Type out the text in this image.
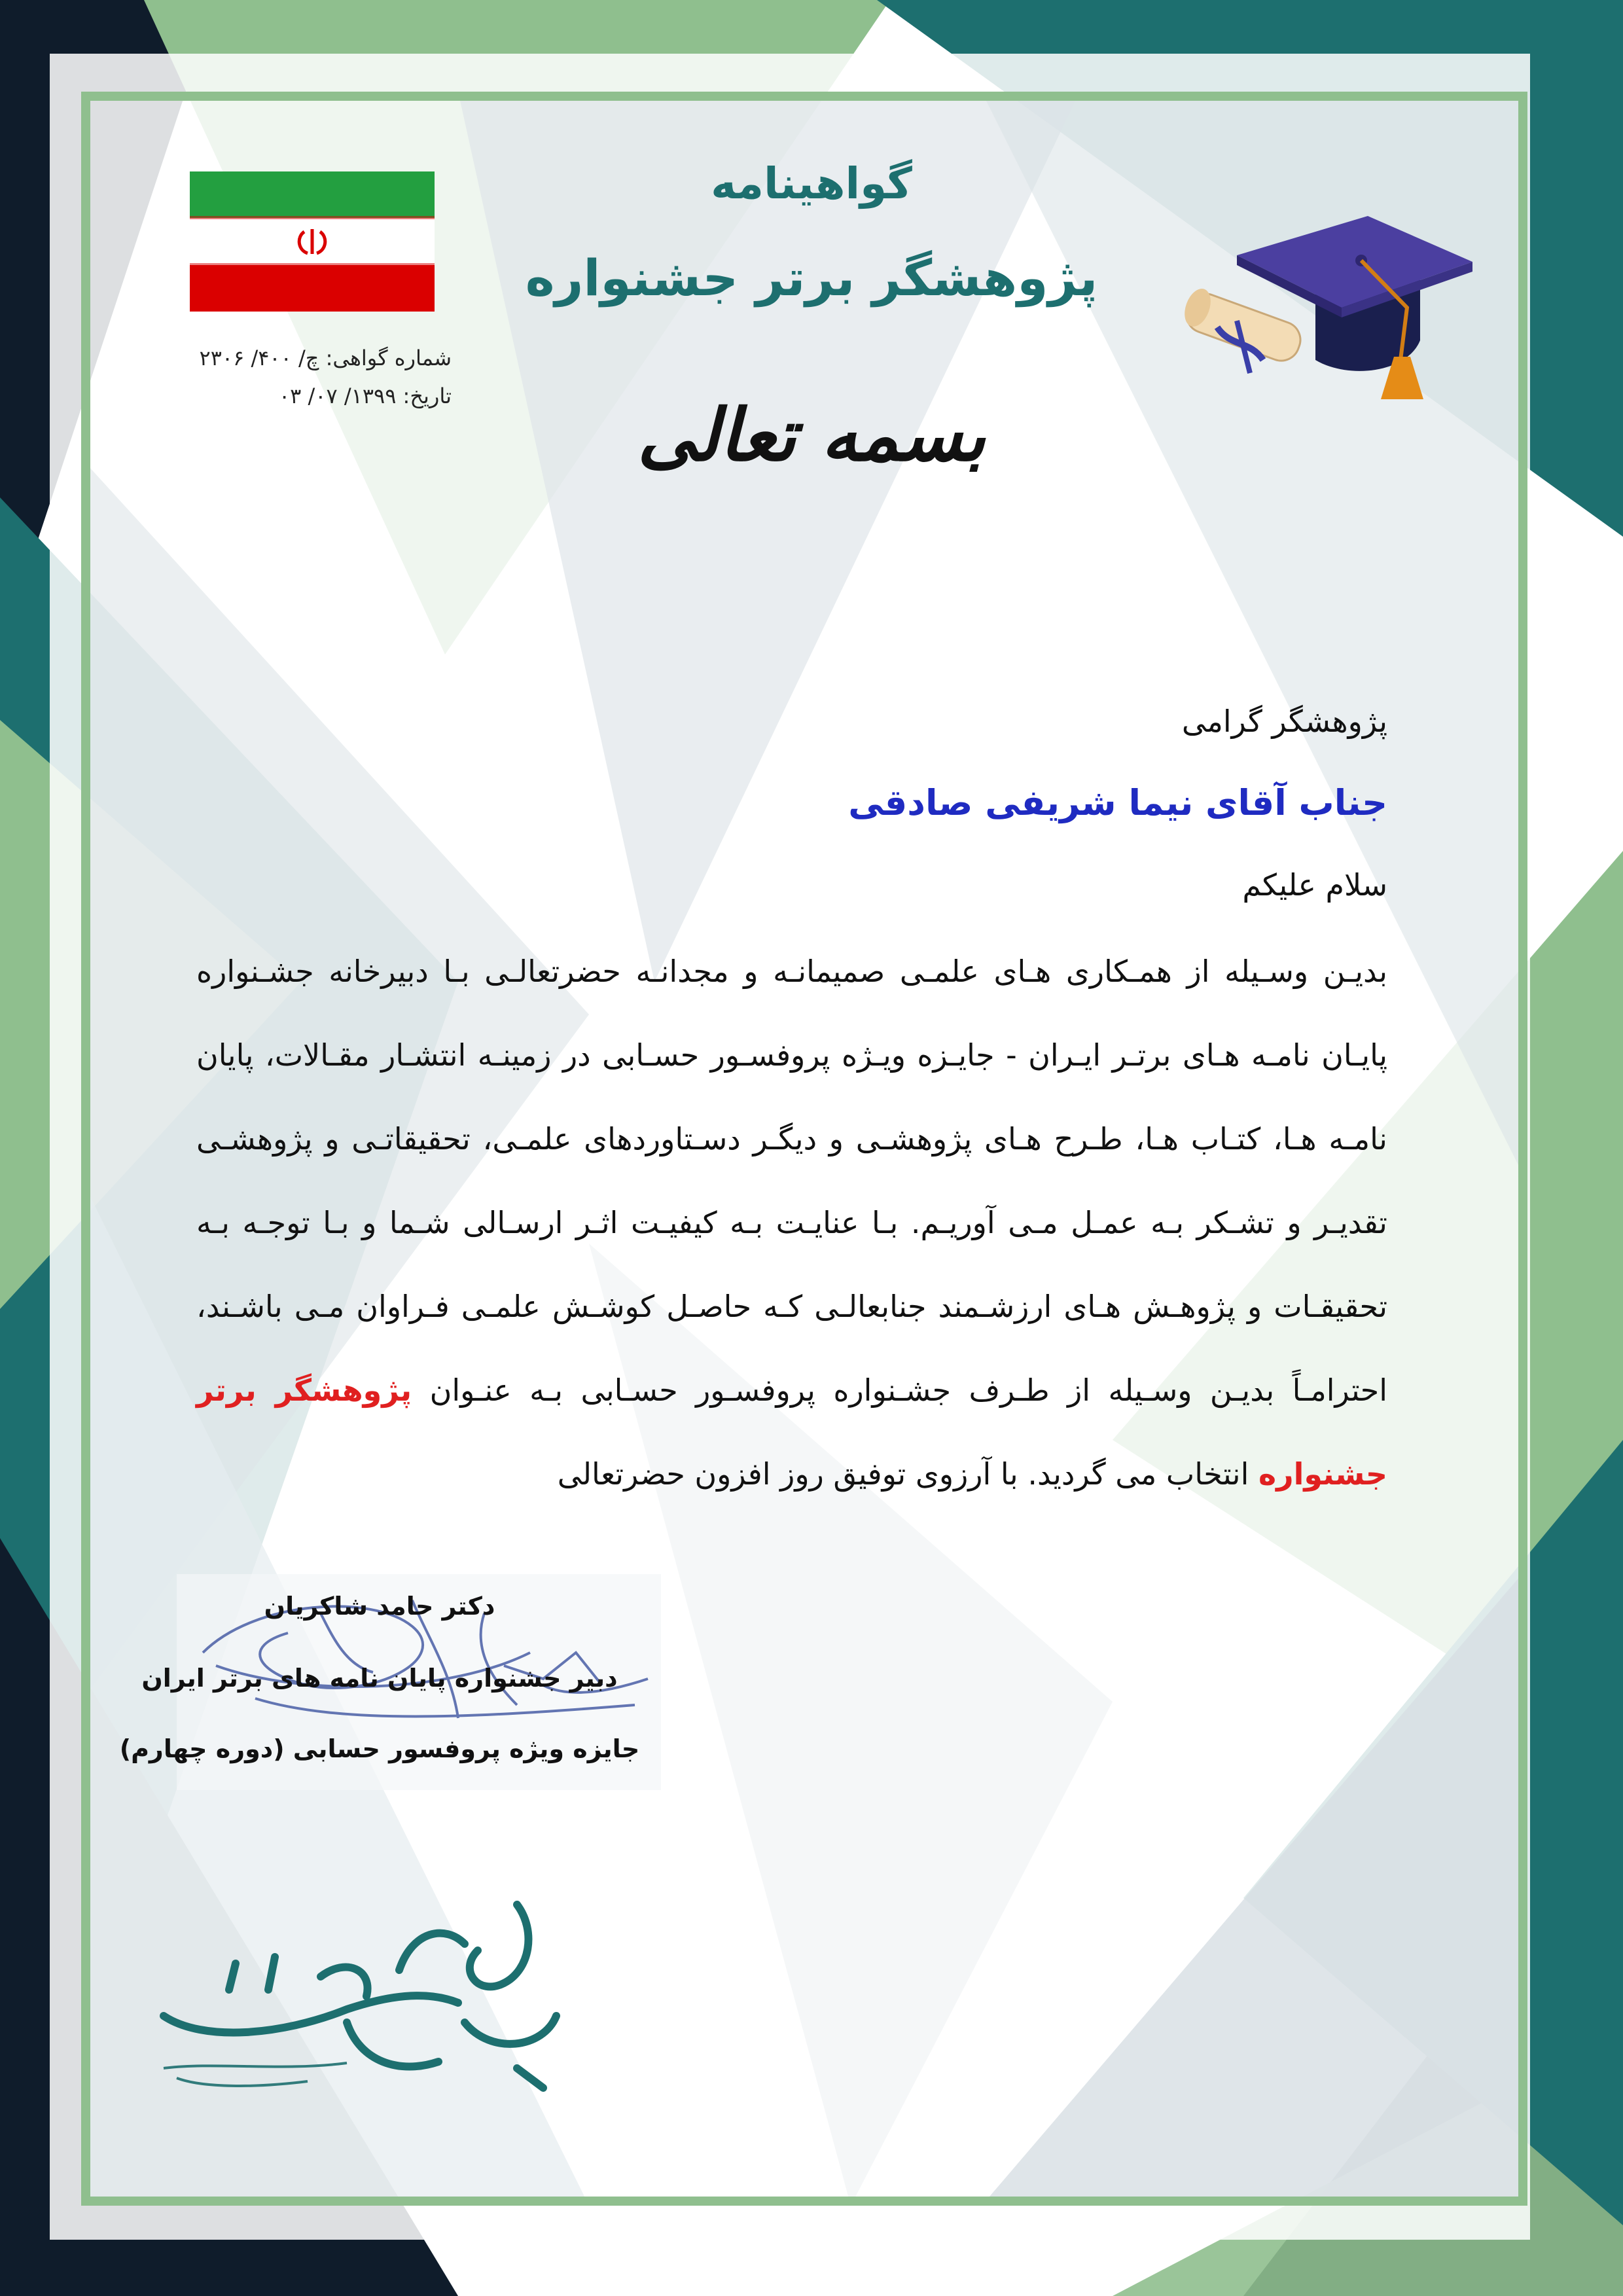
گواهینامه
پژوهشگر برتر جشنواره
بسمه تعالی
شماره گواهی: چ/ ۴۰۰/ ۲۳۰۶
تاریخ: ۱۳۹۹/ ۰۷/ ۰۳
پژوهشگر گرامی
جناب آقای نیما شریفی صادقی
سلام علیکم
بدیـن وسـیله از همـکاری هـای علمـی صمیمانـه و مجدانـه حضرتعالـی بـا دبیرخانه جشـنواره پایـان نامـه هـای برتـر ایـران - جایـزه ویـژه پروفسـور حسـابی در زمینـه انتشـار مقـالات، پایان نامـه هـا، کتـاب هـا، طـرح هـای پژوهشـی و دیگـر دسـتاوردهای علمـی، تحقیقاتـی و پژوهشـی تقدیـر و تشـکر بـه عمـل مـی آوریـم. بـا عنایـت بـه کیفیـت اثـر ارسـالی شـما و بـا توجـه بـه تحقیقـات و پژوهـش هـای ارزشـمند جنابعالـی کـه حاصـل کوشـش علمـی فـراوان مـی باشـند، احترامـاً بدیـن وسـیله از طـرف جشـنواره پروفسـور حسـابی بـه عنـوان پژوهشگر برتر جشنواره انتخاب می گردید. با آرزوی توفیق روز افزون حضرتعالی
دکتر حامد شاکریان
دبیر جشنواره پایان نامه های برتر ایران
جایزه ویژه پروفسور حسابی (دوره چهارم)
